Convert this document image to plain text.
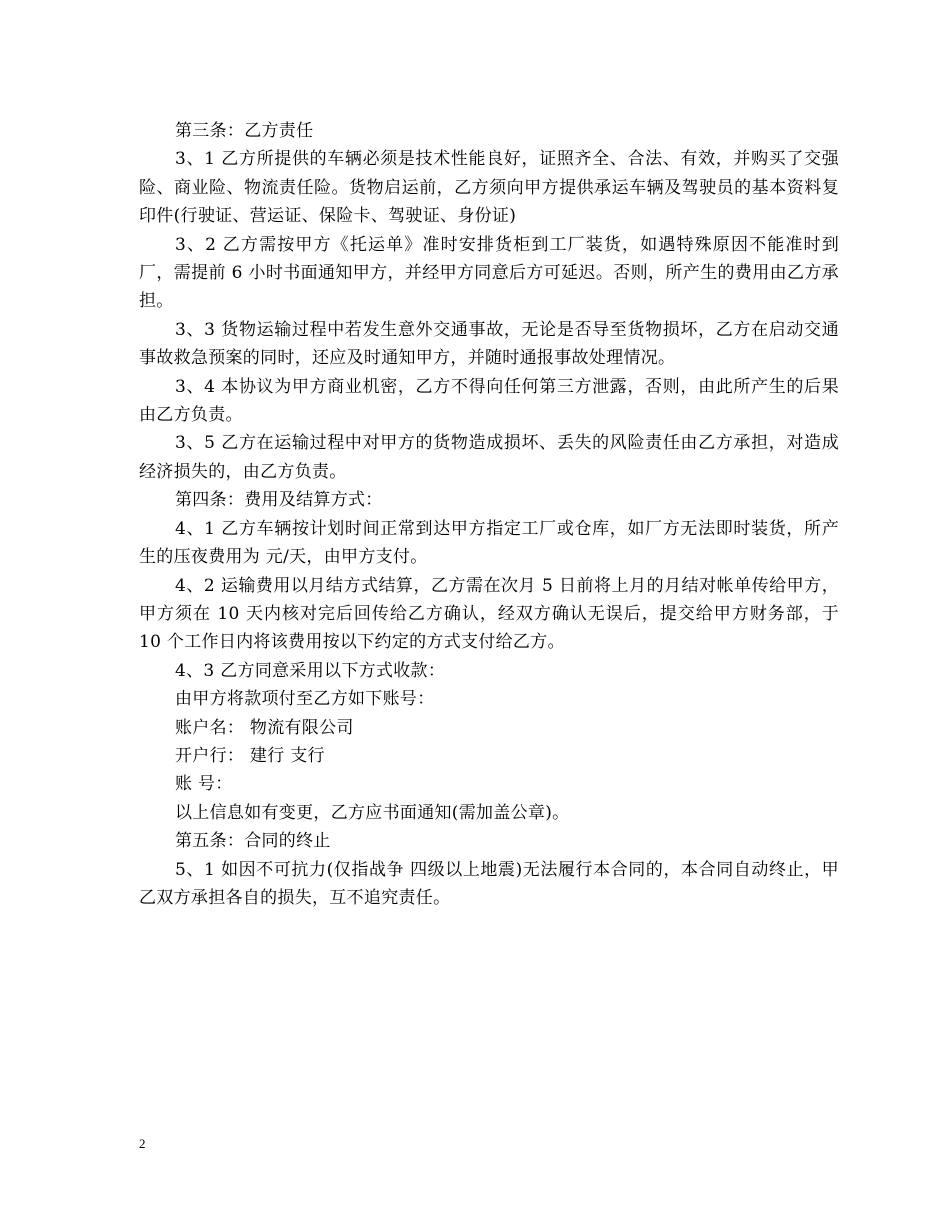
第三条：乙方责任

3、1 乙方所提供的车辆必须是技术性能良好，证照齐全、合法、有效，并购买了交强险、商业险、物流责任险。货物启运前，乙方须向甲方提供承运车辆及驾驶员的基本资料复印件(行驶证、营运证、保险卡、驾驶证、身份证)

3、2 乙方需按甲方《托运单》准时安排货柜到工厂装货，如遇特殊原因不能准时到厂，需提前 6 小时书面通知甲方，并经甲方同意后方可延迟。否则，所产生的费用由乙方承担。

3、3 货物运输过程中若发生意外交通事故，无论是否导至货物损坏，乙方在启动交通事故救急预案的同时，还应及时通知甲方，并随时通报事故处理情况。

3、4 本协议为甲方商业机密，乙方不得向任何第三方泄露，否则，由此所产生的后果由乙方负责。

3、5 乙方在运输过程中对甲方的货物造成损坏、丢失的风险责任由乙方承担，对造成经济损失的，由乙方负责。

第四条：费用及结算方式：

4、1 乙方车辆按计划时间正常到达甲方指定工厂或仓库，如厂方无法即时装货，所产生的压夜费用为 元/天，由甲方支付。

4、2 运输费用以月结方式结算，乙方需在次月 5 日前将上月的月结对帐单传给甲方，甲方须在 10 天内核对完后回传给乙方确认，经双方确认无误后，提交给甲方财务部，于 10 个工作日内将该费用按以下约定的方式支付给乙方。

4、3 乙方同意采用以下方式收款：

由甲方将款项付至乙方如下账号：

账户名： 物流有限公司

开户行： 建行 支行

账 号：

以上信息如有变更，乙方应书面通知(需加盖公章)。

第五条：合同的终止

5、1 如因不可抗力(仅指战争 四级以上地震)无法履行本合同的，本合同自动终止，甲 乙双方承担各自的损失，互不追究责任。

2
